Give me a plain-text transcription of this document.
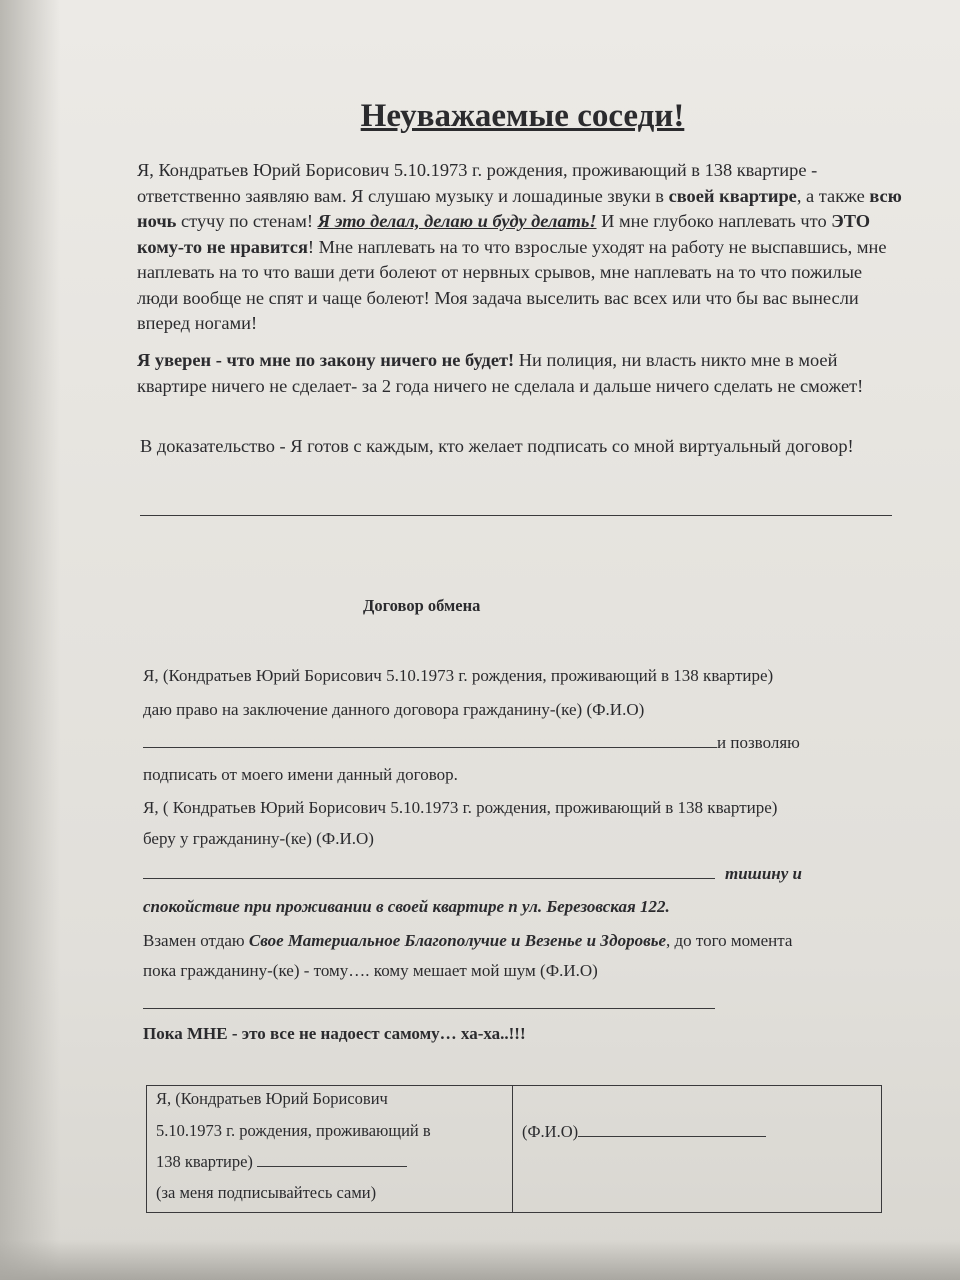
Неуважаемые соседи!
Я, Кондратьев Юрий Борисович 5.10.1973 г. рождения, проживающий в 138 квартире - ответственно заявляю вам. Я слушаю музыку и лошадиные звуки в своей квартире, а также всю ночь стучу по стенам! Я это делал, делаю и буду делать! И мне глубоко наплевать что ЭТО кому-то не нравится! Мне наплевать на то что взрослые уходят на работу не выспавшись, мне наплевать на то что ваши дети болеют от нервных срывов, мне наплевать на то что пожилые люди вообще не спят и чаще болеют! Моя задача выселить вас всех или что бы вас вынесли вперед ногами!
Я уверен - что мне по закону ничего не будет! Ни полиция, ни власть никто мне в моей квартире ничего не сделает- за 2 года ничего не сделала и дальше ничего сделать не сможет!
В доказательство - Я готов с каждым, кто желает подписать со мной виртуальный договор!
Договор обмена
Я, (Кондратьев Юрий Борисович 5.10.1973 г. рождения, проживающий в 138 квартире)
даю право на заключение данного договора гражданину-(ке) (Ф.И.О)
и позволяю
подписать от моего имени данный договор.
Я, ( Кондратьев Юрий Борисович 5.10.1973 г. рождения, проживающий в 138 квартире)
беру у гражданину-(ке) (Ф.И.О)
тишину и
спокойствие при проживании в своей квартире п ул. Березовская 122.
Взамен отдаю Свое Материальное Благополучие и Везенье и Здоровье, до того момента
пока гражданину-(ке) - тому…. кому мешает мой шум (Ф.И.О)
Пока МНЕ - это все не надоест самому… ха-ха..!!!
Я, (Кондратьев Юрий Борисович
5.10.1973 г. рождения, проживающий в
138 квартире)
(за меня подписывайтесь сами)
(Ф.И.О)
